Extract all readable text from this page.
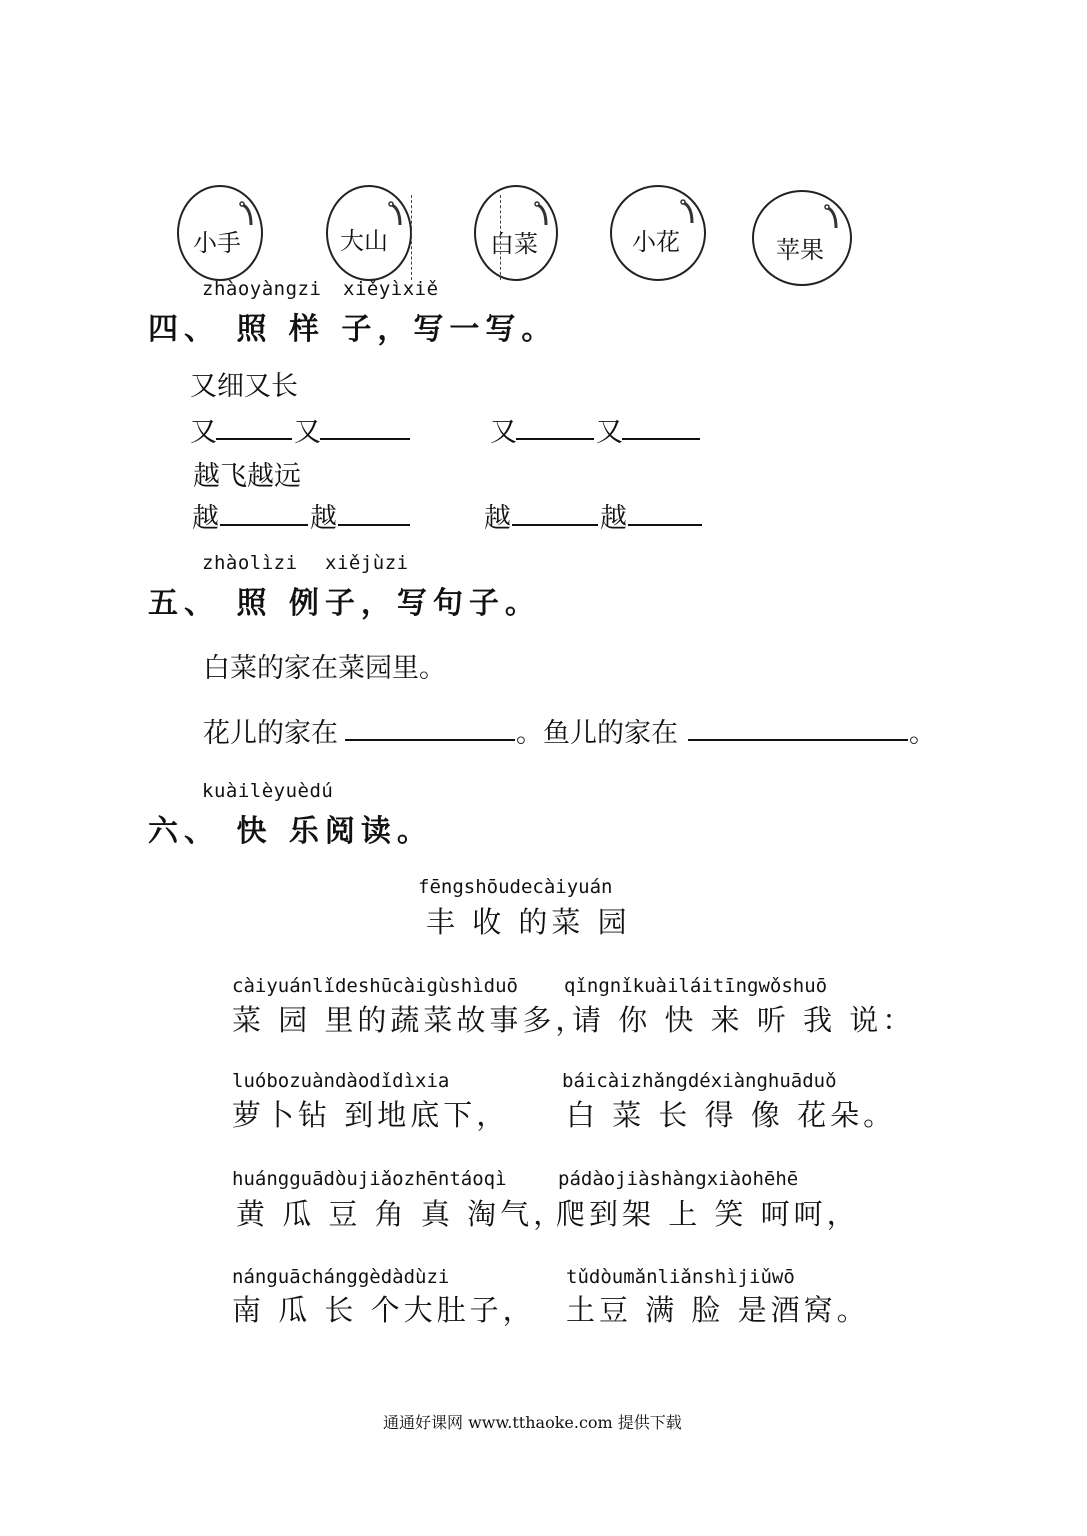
小手	大山	白菜	小花	苹果
zhàoyàngzi xiěyìxiě
四、 照 样 子，写一写。
又细又长
又	又	又	又
越飞越远
越	越	越	越
zhàolìzi xiějùzi
五、 照 例子，写句子。
白菜的家在菜园里。
花儿的家在	。鱼儿的家在	。
kuàilèyuèdú
六、 快 乐阅读。
fēngshōudecàiyuán
丰 收 的菜 园
càiyuánlǐdeshūcàigùshìduō
菜 园 里的蔬菜故事多，
qǐngnǐkuàiláitīngwǒshuō
请 你 快 来 听 我 说：
luóbozuàndàodǐdìxia
萝卜钻 到地底下，
báicàizhǎngdéxiànghuāduǒ
白 菜 长 得 像 花朵。
huángguādòujiǎozhēntáoqì
黄 瓜 豆 角 真 淘气，
pádàojiàshàngxiàohēhē
爬到架 上 笑 呵呵，
nánguāchánggèdàdùzi
南 瓜 长 个大肚子，
tǔdòumǎnliǎnshìjiǔwō
土豆 满 脸 是酒窝。
通通好课网 www.tthaoke.com 提供下载
